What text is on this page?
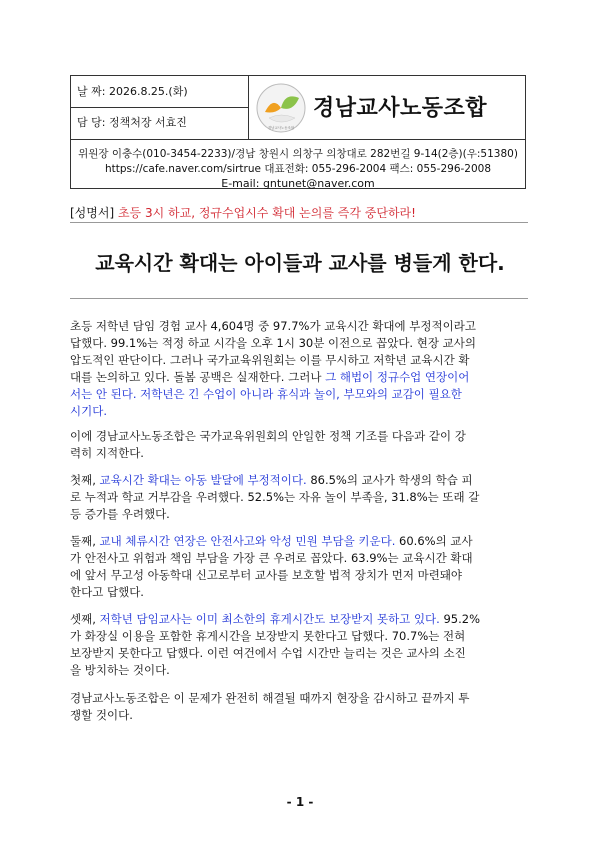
날 짜: 2026.8.25.(화)
담 당: 정책처장 서효진	경남교사노동조합
경남교사노동조합
위원장 이충수(010-3454-2233)/경남 창원시 의창구 의창대로 282번길 9-14(2층)(우:51380)
https://cafe.naver.com/sirtrue 대표전화: 055-296-2004 팩스: 055-296-2008
E-mail: gntunet@naver.com
[성명서] 초등 3시 하교, 정규수업시수 확대 논의를 즉각 중단하라!
교육시간 확대는 아이들과 교사를 병들게 한다.
초등 저학년 담임 경험 교사 4,604명 중 97.7%가 교육시간 확대에 부정적이라고
답했다. 99.1%는 적정 하교 시각을 오후 1시 30분 이전으로 꼽았다. 현장 교사의
압도적인 판단이다. 그러나 국가교육위원회는 이를 무시하고 저학년 교육시간 확
대를 논의하고 있다. 돌봄 공백은 실재한다. 그러나 그 해법이 정규수업 연장이어
서는 안 된다. 저학년은 긴 수업이 아니라 휴식과 놀이, 부모와의 교감이 필요한
시기다.
이에 경남교사노동조합은 국가교육위원회의 안일한 정책 기조를 다음과 같이 강
력히 지적한다.
첫째, 교육시간 확대는 아동 발달에 부정적이다. 86.5%의 교사가 학생의 학습 피
로 누적과 학교 거부감을 우려했다. 52.5%는 자유 놀이 부족을, 31.8%는 또래 갈
등 증가를 우려했다.
둘째, 교내 체류시간 연장은 안전사고와 악성 민원 부담을 키운다. 60.6%의 교사
가 안전사고 위험과 책임 부담을 가장 큰 우려로 꼽았다. 63.9%는 교육시간 확대
에 앞서 무고성 아동학대 신고로부터 교사를 보호할 법적 장치가 먼저 마련돼야
한다고 답했다.
셋째, 저학년 담임교사는 이미 최소한의 휴게시간도 보장받지 못하고 있다. 95.2%
가 화장실 이용을 포함한 휴게시간을 보장받지 못한다고 답했다. 70.7%는 전혀
보장받지 못한다고 답했다. 이런 여건에서 수업 시간만 늘리는 것은 교사의 소진
을 방치하는 것이다.
경남교사노동조합은 이 문제가 완전히 해결될 때까지 현장을 감시하고 끝까지 투
쟁할 것이다.
- 1 -
